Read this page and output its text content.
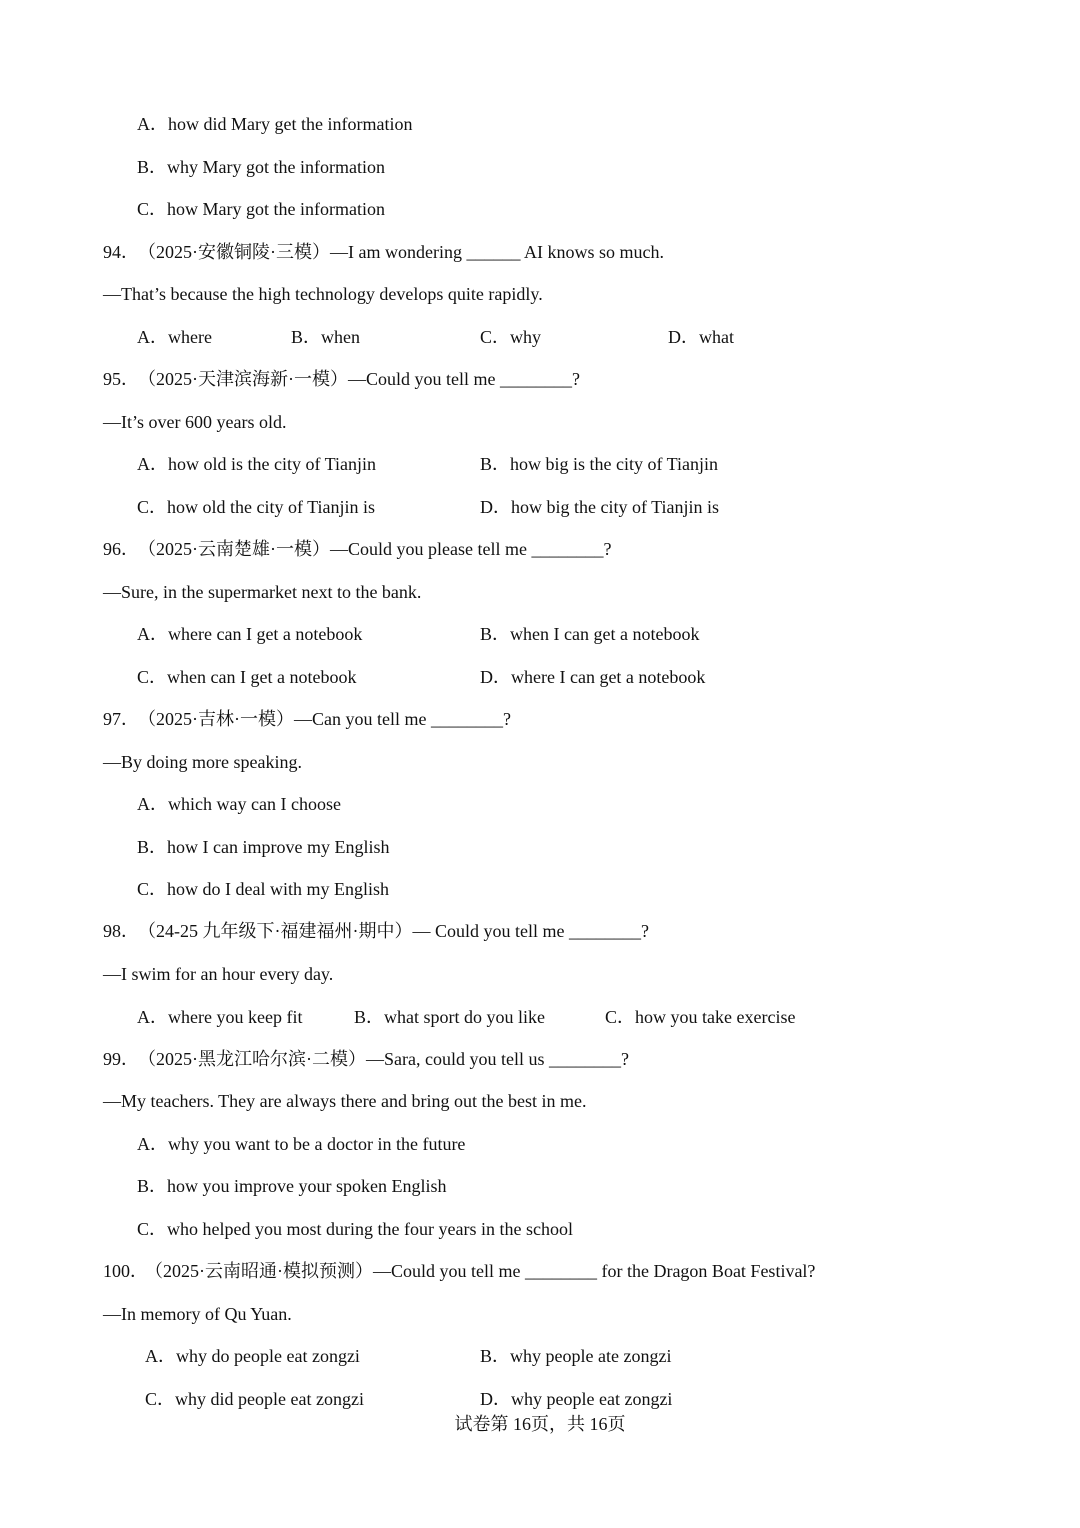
A．how did Mary get the information
B．why Mary got the information
C．how Mary got the information
94． （2025·安徽铜陵·三模）—I am wondering ______ AI knows so much.
—That’s because the high technology develops quite rapidly.
A．where	B．when	C．why	D．what
95． （2025·天津滨海新·一模）—Could you tell me ________?
—It’s over 600 years old.
A．how old is the city of Tianjin	B．how big is the city of Tianjin
C．how old the city of Tianjin is	D．how big the city of Tianjin is
96． （2025·云南楚雄·一模）—Could you please tell me ________?
—Sure, in the supermarket next to the bank.
A．where can I get a notebook	B．when I can get a notebook
C．when can I get a notebook	D．where I can get a notebook
97． （2025·吉林·一模）—Can you tell me ________?
—By doing more speaking.
A．which way can I choose
B．how I can improve my English
C．how do I deal with my English
98． （24-25 九年级下·福建福州·期中）— Could you tell me ________?
—I swim for an hour every day.
A．where you keep fit	B．what sport do you like	C．how you take exercise
99． （2025·黑龙江哈尔滨·二模）—Sara, could you tell us ________?
—My teachers. They are always there and bring out the best in me.
A．why you want to be a doctor in the future
B．how you improve your spoken English
C．who helped you most during the four years in the school
100． （2025·云南昭通·模拟预测）—Could you tell me ________ for the Dragon Boat Festival?
—In memory of Qu Yuan.
A．why do people eat zongzi	B．why people ate zongzi
C．why did people eat zongzi	D．why people eat zongzi
试卷第 16页，共 16页
